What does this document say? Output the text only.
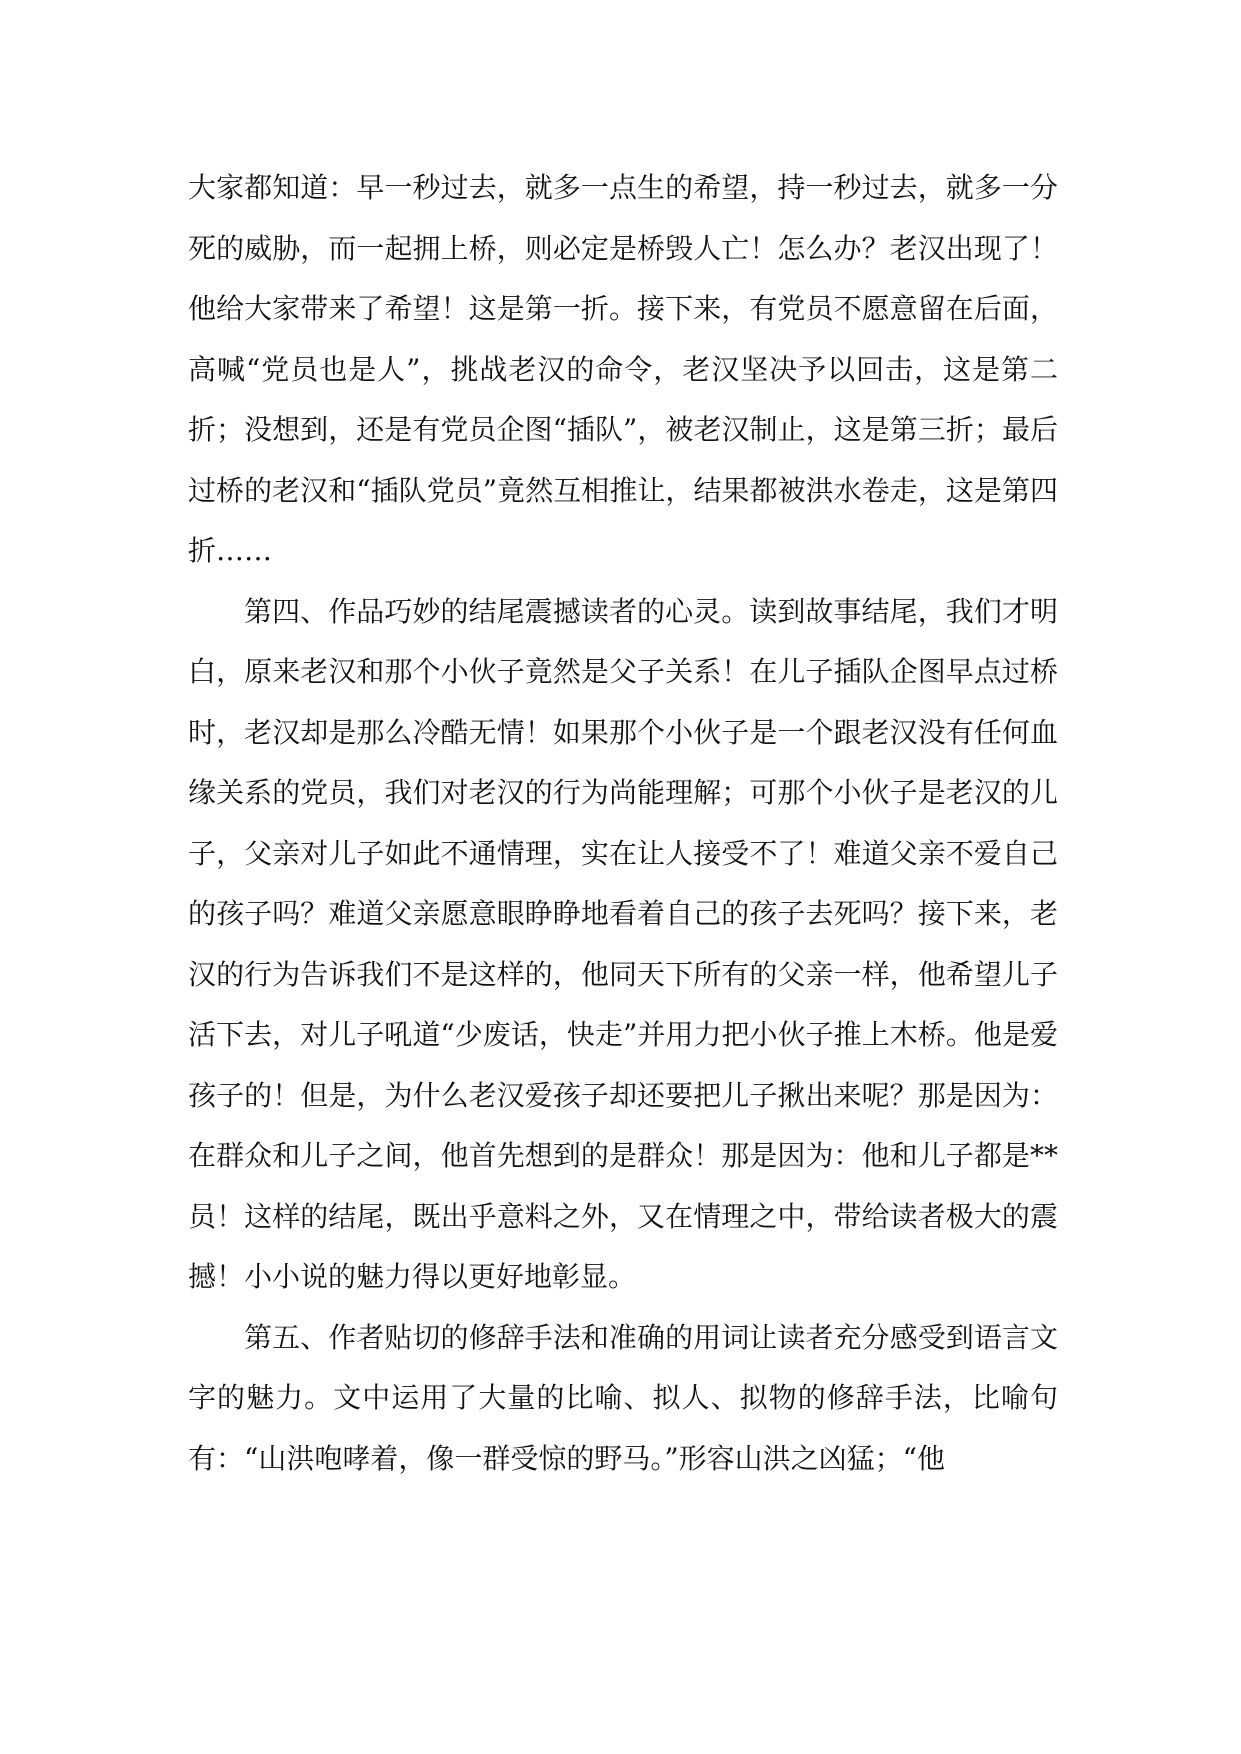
大家都知道：早一秒过去，就多一点生的希望，持一秒过去，就多一分死的威胁，而一起拥上桥，则必定是桥毁人亡！怎么办？老汉出现了！他给大家带来了希望！这是第一折。接下来，有党员不愿意留在后面，高喊“党员也是人”，挑战老汉的命令，老汉坚决予以回击，这是第二折；没想到，还是有党员企图“插队”，被老汉制止，这是第三折；最后过桥的老汉和“插队党员”竟然互相推让，结果都被洪水卷走，这是第四折……

第四、作品巧妙的结尾震撼读者的心灵。读到故事结尾，我们才明白，原来老汉和那个小伙子竟然是父子关系！在儿子插队企图早点过桥时，老汉却是那么冷酷无情！如果那个小伙子是一个跟老汉没有任何血缘关系的党员，我们对老汉的行为尚能理解；可那个小伙子是老汉的儿子，父亲对儿子如此不通情理，实在让人接受不了！难道父亲不爱自己的孩子吗？难道父亲愿意眼睁睁地看着自己的孩子去死吗？接下来，老汉的行为告诉我们不是这样的，他同天下所有的父亲一样，他希望儿子活下去，对儿子吼道“少废话，快走”并用力把小伙子推上木桥。他是爱孩子的！但是，为什么老汉爱孩子却还要把儿子揪出来呢？那是因为：在群众和儿子之间，他首先想到的是群众！那是因为：他和儿子都是**员！这样的结尾，既出乎意料之外，又在情理之中，带给读者极大的震撼！小小说的魅力得以更好地彰显。

第五、作者贴切的修辞手法和准确的用词让读者充分感受到语言文字的魅力。文中运用了大量的比喻、拟人、拟物的修辞手法，比喻句有：“山洪咆哮着，像一群受惊的野马。”形容山洪之凶猛；“他
